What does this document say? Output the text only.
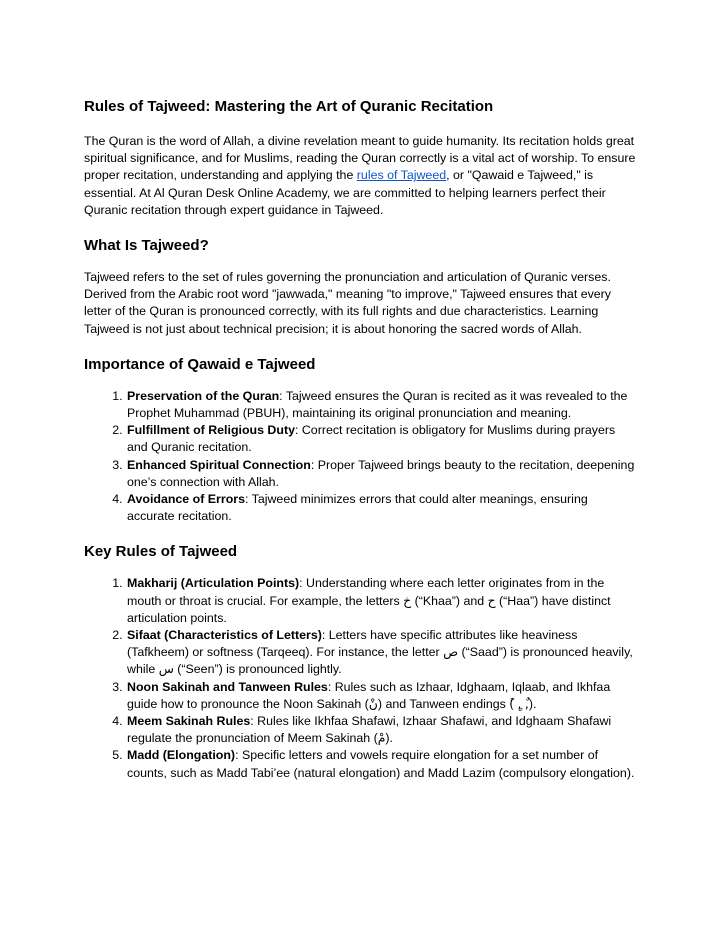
Rules of Tajweed: Mastering the Art of Quranic Recitation

The Quran is the word of Allah, a divine revelation meant to guide humanity. Its recitation holds great spiritual significance, and for Muslims, reading the Quran correctly is a vital act of worship. To ensure proper recitation, understanding and applying the rules of Tajweed, or "Qawaid e Tajweed," is essential. At Al Quran Desk Online Academy, we are committed to helping learners perfect their Quranic recitation through expert guidance in Tajweed.

What Is Tajweed?

Tajweed refers to the set of rules governing the pronunciation and articulation of Quranic verses. Derived from the Arabic root word "jawwada," meaning "to improve," Tajweed ensures that every letter of the Quran is pronounced correctly, with its full rights and due characteristics. Learning Tajweed is not just about technical precision; it is about honoring the sacred words of Allah.

Importance of Qawaid e Tajweed
1. Preservation of the Quran: Tajweed ensures the Quran is recited as it was revealed to the Prophet Muhammad (PBUH), maintaining its original pronunciation and meaning.
2. Fulfillment of Religious Duty: Correct recitation is obligatory for Muslims during prayers and Quranic recitation.
3. Enhanced Spiritual Connection: Proper Tajweed brings beauty to the recitation, deepening one’s connection with Allah.
4. Avoidance of Errors: Tajweed minimizes errors that could alter meanings, ensuring accurate recitation.
Key Rules of Tajweed
1. Makharij (Articulation Points): Understanding where each letter originates from in the mouth or throat is crucial. For example, the letters خ (“Khaa”) and ح (“Haa”) have distinct articulation points.
2. Sifaat (Characteristics of Letters): Letters have specific attributes like heaviness (Tafkheem) or softness (Tarqeeq). For instance, the letter ص (“Saad”) is pronounced heavily, while س (“Seen”) is pronounced lightly.
3. Noon Sakinah and Tanween Rules: Rules such as Izhaar, Idghaam, Iqlaab, and Ikhfaa guide how to pronounce the Noon Sakinah (نْ) and Tanween endings (ً ,ٍ ,ٌ).
4. Meem Sakinah Rules: Rules like Ikhfaa Shafawi, Izhaar Shafawi, and Idghaam Shafawi regulate the pronunciation of Meem Sakinah (مْ).
5. Madd (Elongation): Specific letters and vowels require elongation for a set number of counts, such as Madd Tabi’ee (natural elongation) and Madd Lazim (compulsory elongation).
